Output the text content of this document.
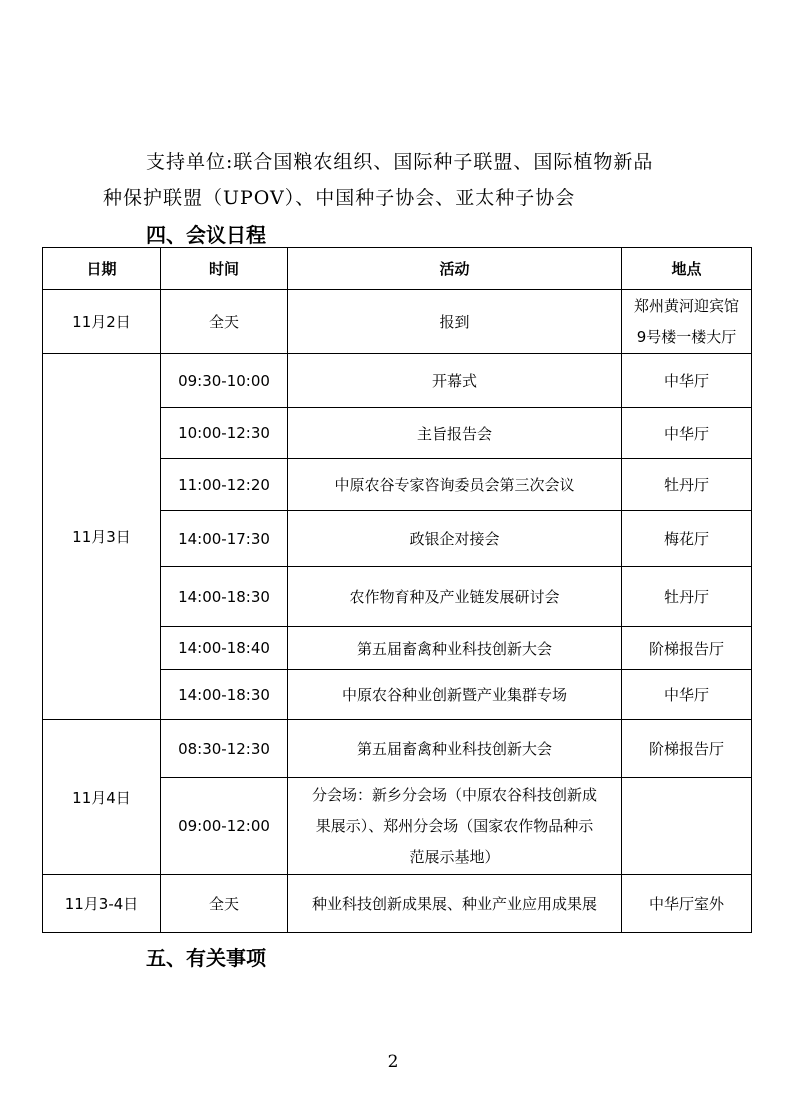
支持单位:联合国粮农组织、国际种子联盟、国际植物新品
种保护联盟（UPOV）、中国种子协会、亚太种子协会
四、会议日程
日期	时间	活动	地点
11月2日	全天	报到	郑州黄河迎宾馆
9号楼一楼大厅

11月3日	09:30-10:00	开幕式	中华厅
	10:00-12:30	主旨报告会	中华厅
	11:00-12:20	中原农谷专家咨询委员会第三次会议	牡丹厅
	14:00-17:30	政银企对接会	梅花厅
	14:00-18:30	农作物育种及产业链发展研讨会	牡丹厅
	14:00-18:40	第五届畜禽种业科技创新大会	阶梯报告厅
	14:00-18:30	中原农谷种业创新暨产业集群专场	中华厅
11月4日	08:30-12:30	第五届畜禽种业科技创新大会	阶梯报告厅
	09:00-12:00	分会场：新乡分会场（中原农谷科技创新成
果展示）、郑州分会场（国家农作物品种示
范展示基地）	

11月3-4日	全天	种业科技创新成果展、种业产业应用成果展	中华厅室外
五、有关事项
2
